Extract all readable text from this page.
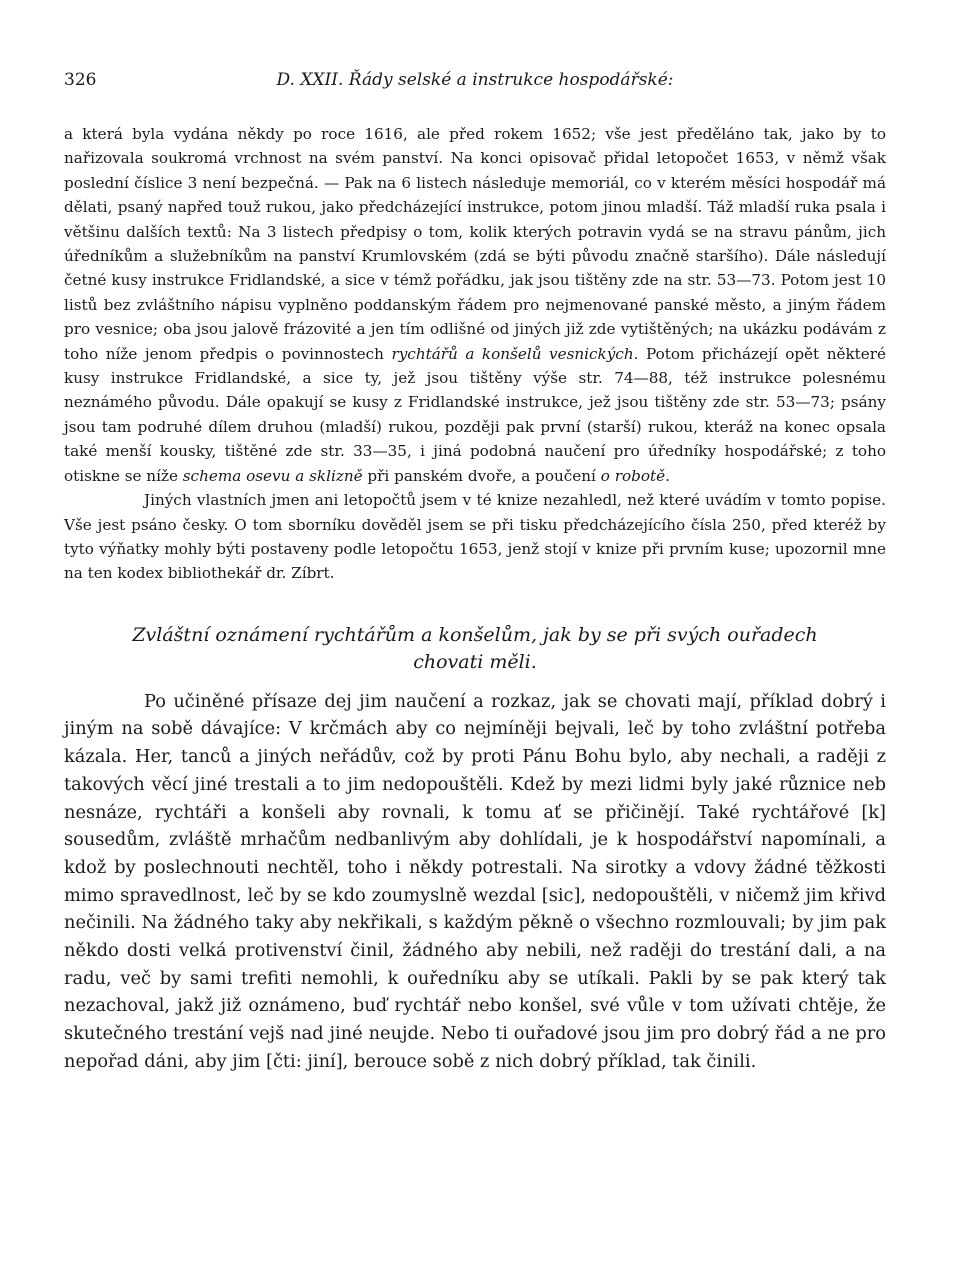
326	D. XXII. Řády selské a instrukce hospodářské:

a která byla vydána někdy po roce 1616, ale před rokem 1652; vše jest předěláno tak, jako by to nařizovala soukromá vrchnost na svém panství. Na konci opisovač přidal letopočet 1653, v němž však poslední číslice 3 není bezpečná. — Pak na 6 listech následuje memoriál, co v kterém měsíci hospodář má dělati, psaný napřed touž rukou, jako předcházející instrukce, potom jinou mladší. Táž mladší ruka psala i většinu dalších textů: Na 3 listech předpisy o tom, kolik kterých potravin vydá se na stravu pánům, jich úředníkům a služebníkům na panství Krumlovském (zdá se býti původu značně staršího). Dále následují četné kusy instrukce Fridlandské, a sice v témž pořádku, jak jsou tištěny zde na str. 53—73. Potom jest 10 listů bez zvláštního nápisu vyplněno poddanským řádem pro nejmenované panské město, a jiným řádem pro vesnice; oba jsou jalově frázovité a jen tím odlišné od jiných již zde vytištěných; na ukázku podávám z toho níže jenom předpis o povinnostech rychtářů a konšelů vesnických. Potom přicházejí opět některé kusy instrukce Fridlandské, a sice ty, jež jsou tištěny výše str. 74—88, též instrukce polesnému neznámého původu. Dále opakují se kusy z Fridlandské instrukce, jež jsou tištěny zde str. 53—73; psány jsou tam podruhé dílem druhou (mladší) rukou, později pak první (starší) rukou, kteráž na konec opsala také menší kousky, tištěné zde str. 33—35, i jiná podobná naučení pro úředníky hospodářské; z toho otiskne se níže schema osevu a sklizně při panském dvoře, a poučení o robotě.

Jiných vlastních jmen ani letopočtů jsem v té knize nezahledl, než které uvádím v tomto popise. Vše jest psáno česky. O tom sborníku dověděl jsem se při tisku předcházejícího čísla 250, před kteréž by tyto výňatky mohly býti postaveny podle letopočtu 1653, jenž stojí v knize při prvním kuse; upozornil mne na ten kodex bibliothekář dr. Zíbrt.

Zvláštní oznámení rychtářům a konšelům, jak by se při svých ouřadech
chovati měli.

Po učiněné přísaze dej jim naučení a rozkaz, jak se chovati mají, příklad dobrý i jiným na sobě dávajíce: V krčmách aby co nejmíněji bejvali, leč by toho zvláštní potřeba kázala. Her, tanců a jiných neřádův, což by proti Pánu Bohu bylo, aby nechali, a raději z takových věcí jiné trestali a to jim nedopouštěli. Kdež by mezi lidmi byly jaké různice neb nesnáze, rychtáři a konšeli aby rovnali, k tomu ať se přičinějí. Také rychtářové [k] sousedům, zvláště mrhačům nedbanlivým aby dohlídali, je k hospodářství napomínali, a kdož by poslechnouti nechtěl, toho i někdy potrestali. Na sirotky a vdovy žádné těžkosti mimo spravedlnost, leč by se kdo zoumyslně wezdal [sic], nedopouštěli, v ničemž jim křivd nečinili. Na žádného taky aby nekřikali, s každým pěkně o všechno rozmlouvali; by jim pak někdo dosti velká protivenství činil, žádného aby nebili, než raději do trestání dali, a na radu, več by sami trefiti nemohli, k ouředníku aby se utíkali. Pakli by se pak který tak nezachoval, jakž již oznámeno, buď rychtář nebo konšel, své vůle v tom užívati chtěje, že skutečného trestání vejš nad jiné neujde. Nebo ti ouřadové jsou jim pro dobrý řád a ne pro nepořad dáni, aby jim [čti: jiní], berouce sobě z nich dobrý příklad, tak činili.
